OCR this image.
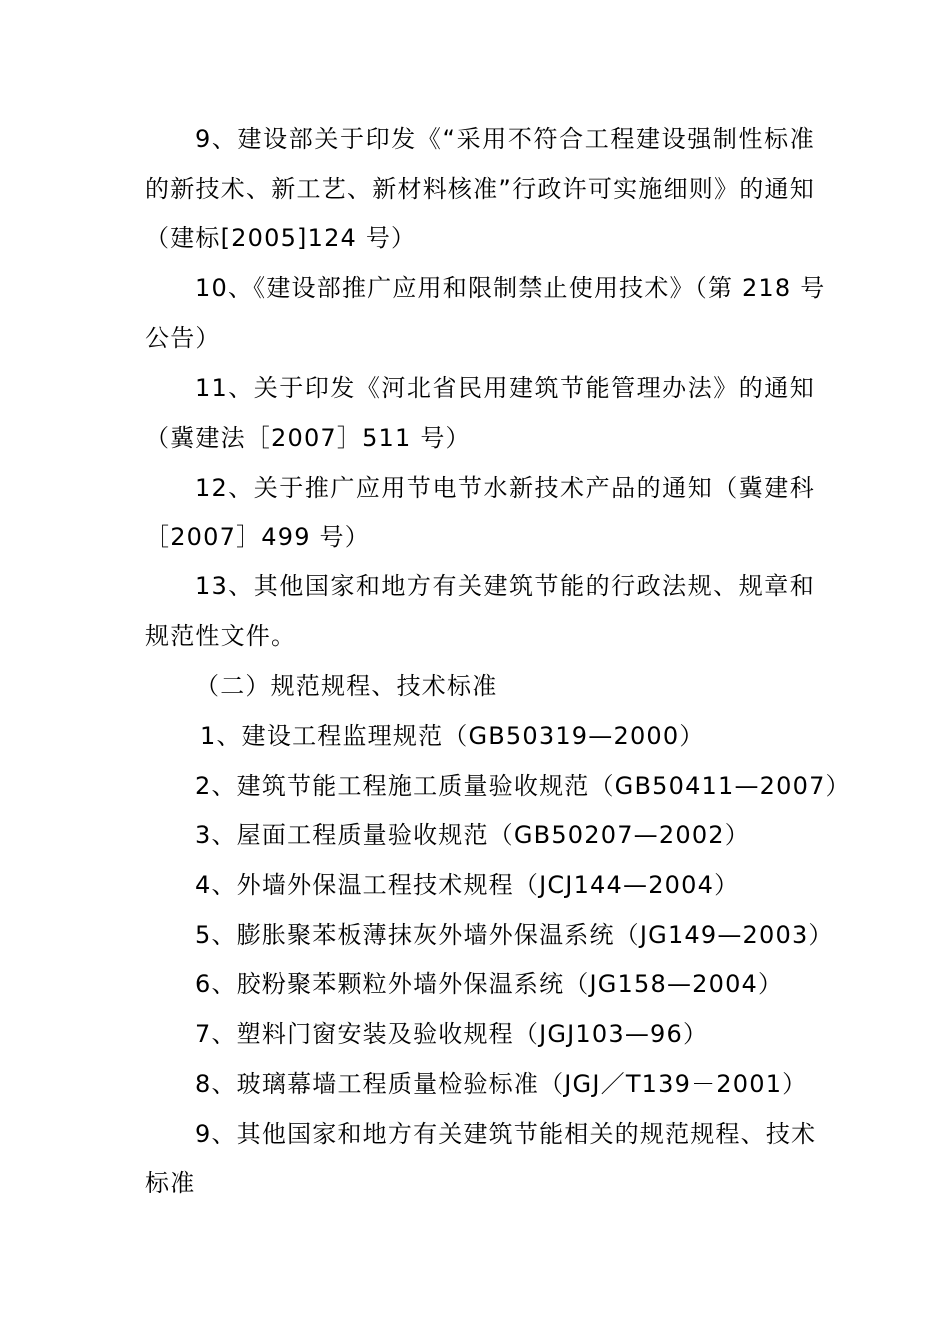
9、建设部关于印发《“采用不符合工程建设强制性标准
的新技术、新工艺、新材料核准”行政许可实施细则》的通知
（建标[2005]124 号）
10、《建设部推广应用和限制禁止使用技术》（第 218 号
公告）
11、关于印发《河北省民用建筑节能管理办法》的通知
（冀建法［2007］511 号）
12、关于推广应用节电节水新技术产品的通知（冀建科
［2007］499 号）
13、其他国家和地方有关建筑节能的行政法规、规章和
规范性文件。
（二）规范规程、技术标准
1、建设工程监理规范（GB50319—2000）
2、建筑节能工程施工质量验收规范（GB50411—2007）
3、屋面工程质量验收规范（GB50207—2002）
4、外墙外保温工程技术规程（JCJ144—2004）
5、膨胀聚苯板薄抹灰外墙外保温系统（JG149—2003）
6、胶粉聚苯颗粒外墙外保温系统（JG158—2004）
7、塑料门窗安装及验收规程（JGJ103—96）
8、玻璃幕墙工程质量检验标准（JGJ／T139－2001）
9、其他国家和地方有关建筑节能相关的规范规程、技术
标准
